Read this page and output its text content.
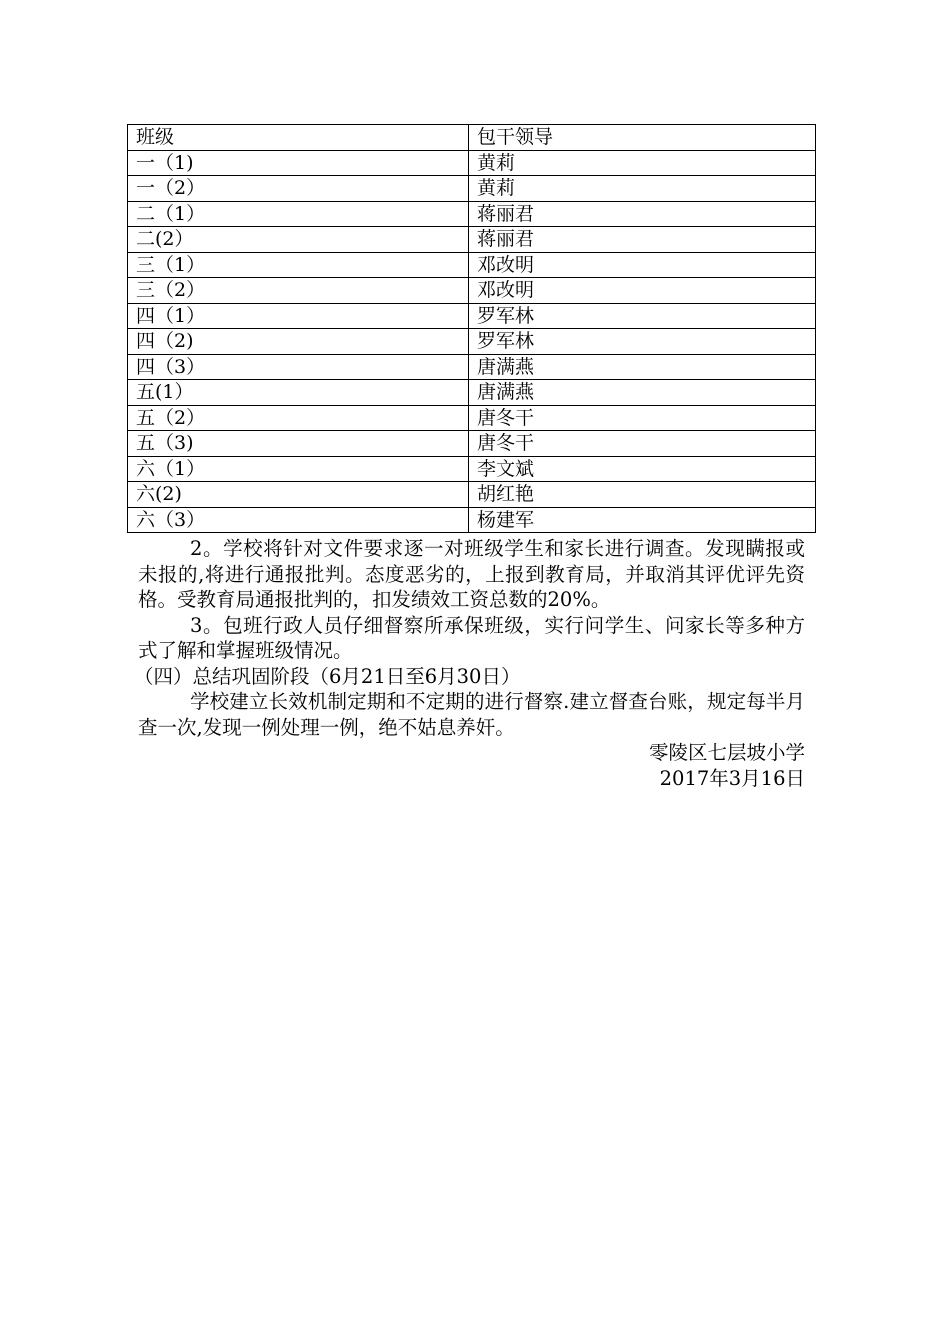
班级	包干领导
一（1)	黄莉
一（2）	黄莉
二（1）	蒋丽君
二(2）	蒋丽君
三（1）	邓改明
三（2）	邓改明
四（1）	罗军林
四（2)	罗军林
四（3）	唐满燕
五(1）	唐满燕
五（2）	唐冬干
五（3)	唐冬干
六（1）	李文斌
六(2)	胡红艳
六（3）	杨建军

2。学校将针对文件要求逐一对班级学生和家长进行调查。发现瞒报或未报的,将进行通报批判。态度恶劣的，上报到教育局，并取消其评优评先资格。受教育局通报批判的，扣发绩效工资总数的20%。

3。包班行政人员仔细督察所承保班级，实行问学生、问家长等多种方式了解和掌握班级情况。

（四）总结巩固阶段（6月21日至6月30日）

学校建立长效机制定期和不定期的进行督察.建立督查台账，规定每半月查一次,发现一例处理一例，绝不姑息养奸。

零陵区七层坡小学

2017年3月16日
